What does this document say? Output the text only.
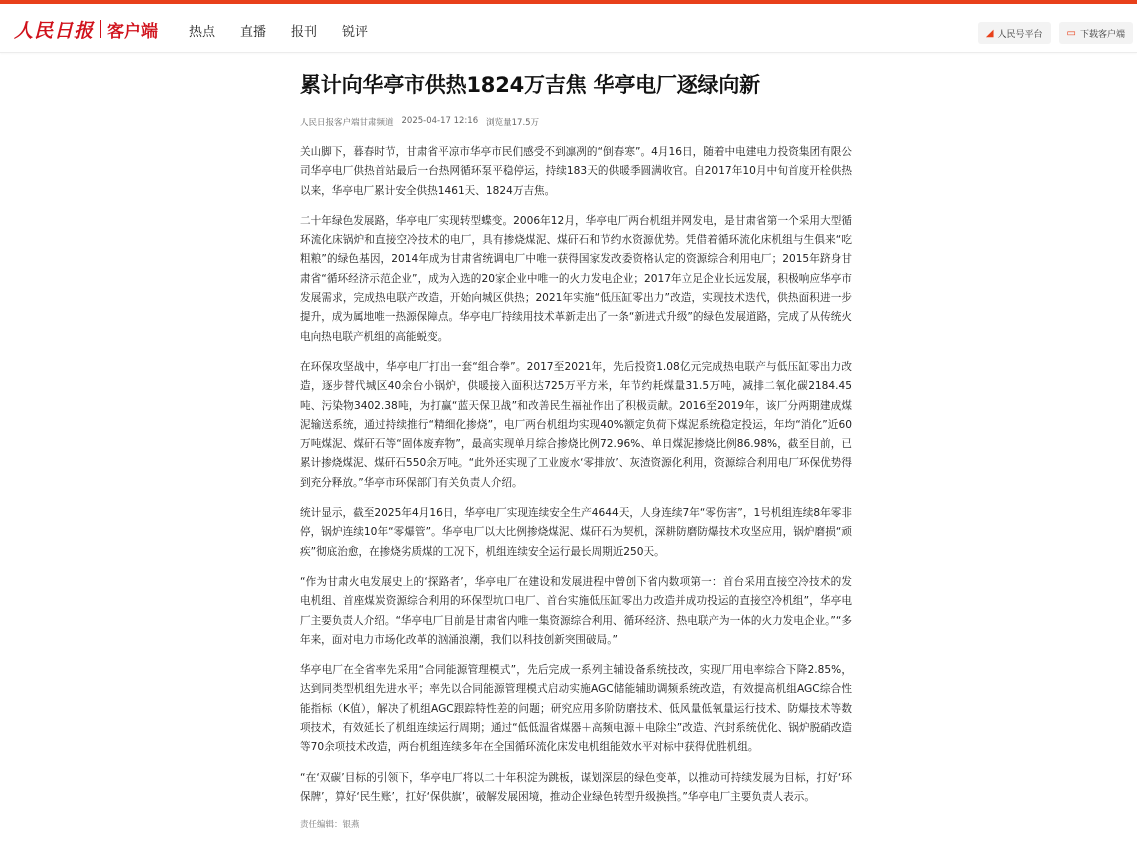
人民日报 客户端 热点 直播 报刊 锐评	◢ 人民号平台 ▭ 下载客户端
累计向华亭市供热1824万吉焦 华亭电厂逐绿向新
人民日报客户端甘肃频道 2025-04-17 12:16 浏览量17.5万

关山脚下，暮春时节，甘肃省平凉市华亭市民们感受不到凛冽的“倒春寒”。4月16日，随着中电建电力投资集团有限公司华亭电厂供热首站最后一台热网循环泵平稳停运，持续183天的供暖季圆满收官。自2017年10月中旬首度开栓供热以来，华亭电厂累计安全供热1461天、1824万吉焦。

二十年绿色发展路，华亭电厂实现转型蝶变。2006年12月，华亭电厂两台机组并网发电，是甘肃省第一个采用大型循环流化床锅炉和直接空冷技术的电厂，具有掺烧煤泥、煤矸石和节约水资源优势。凭借着循环流化床机组与生俱来“吃粗粮”的绿色基因，2014年成为甘肃省统调电厂中唯一获得国家发改委资格认定的资源综合利用电厂；2015年跻身甘肃省“循环经济示范企业”，成为入选的20家企业中唯一的火力发电企业；2017年立足企业长远发展，积极响应华亭市发展需求，完成热电联产改造，开始向城区供热；2021年实施“低压缸零出力”改造，实现技术迭代，供热面积进一步提升，成为属地唯一热源保障点。华亭电厂持续用技术革新走出了一条“新进式升级”的绿色发展道路，完成了从传统火电向热电联产机组的高能蜕变。

在环保攻坚战中，华亭电厂打出一套“组合拳”。2017至2021年，先后投资1.08亿元完成热电联产与低压缸零出力改造，逐步替代城区40余台小锅炉，供暖接入面积达725万平方米，年节约耗煤量31.5万吨，减排二氧化碳2184.45吨、污染物3402.38吨，为打赢“蓝天保卫战”和改善民生福祉作出了积极贡献。2016至2019年，该厂分两期建成煤泥输送系统，通过持续推行“精细化掺烧”，电厂两台机组均实现40%额定负荷下煤泥系统稳定投运，年均“消化”近60万吨煤泥、煤矸石等“固体废弃物”，最高实现单月综合掺烧比例72.96%、单日煤泥掺烧比例86.98%，截至目前，已累计掺烧煤泥、煤矸石550余万吨。“此外还实现了工业废水‘零排放’、灰渣资源化利用，资源综合利用电厂环保优势得到充分释放。”华亭市环保部门有关负责人介绍。

统计显示，截至2025年4月16日，华亭电厂实现连续安全生产4644天，人身连续7年“零伤害”，1号机组连续8年零非停，锅炉连续10年“零爆管”。华亭电厂以大比例掺烧煤泥、煤矸石为契机，深耕防磨防爆技术攻坚应用，锅炉磨损“顽疾”彻底治愈，在掺烧劣质煤的工况下，机组连续安全运行最长周期近250天。

“作为甘肃火电发展史上的‘探路者’，华亭电厂在建设和发展进程中曾创下省内数项第一：首台采用直接空冷技术的发电机组、首座煤炭资源综合利用的环保型坑口电厂、首台实施低压缸零出力改造并成功投运的直接空冷机组”，华亭电厂主要负责人介绍。“华亭电厂目前是甘肃省内唯一集资源综合利用、循环经济、热电联产为一体的火力发电企业。”“多年来，面对电力市场化改革的汹涌浪潮，我们以科技创新突围破局。”

华亭电厂在全省率先采用“合同能源管理模式”，先后完成一系列主辅设备系统技改，实现厂用电率综合下降2.85%，达到同类型机组先进水平；率先以合同能源管理模式启动实施AGC储能辅助调频系统改造，有效提高机组AGC综合性能指标（K值），解决了机组AGC跟踪特性差的问题；研究应用多阶防磨技术、低风量低氧量运行技术、防爆技术等数项技术，有效延长了机组连续运行周期；通过“低低温省煤器＋高频电源＋电除尘”改造、汽封系统优化、锅炉脱硝改造等70余项技术改造，两台机组连续多年在全国循环流化床发电机组能效水平对标中获得优胜机组。

“在‘双碳’目标的引领下，华亭电厂将以二十年积淀为跳板，谋划深层的绿色变革，以推动可持续发展为目标，打好‘环保牌’，算好‘民生账’，扛好‘保供旗’，破解发展困境，推动企业绿色转型升级换挡。”华亭电厂主要负责人表示。

责任编辑：银燕
